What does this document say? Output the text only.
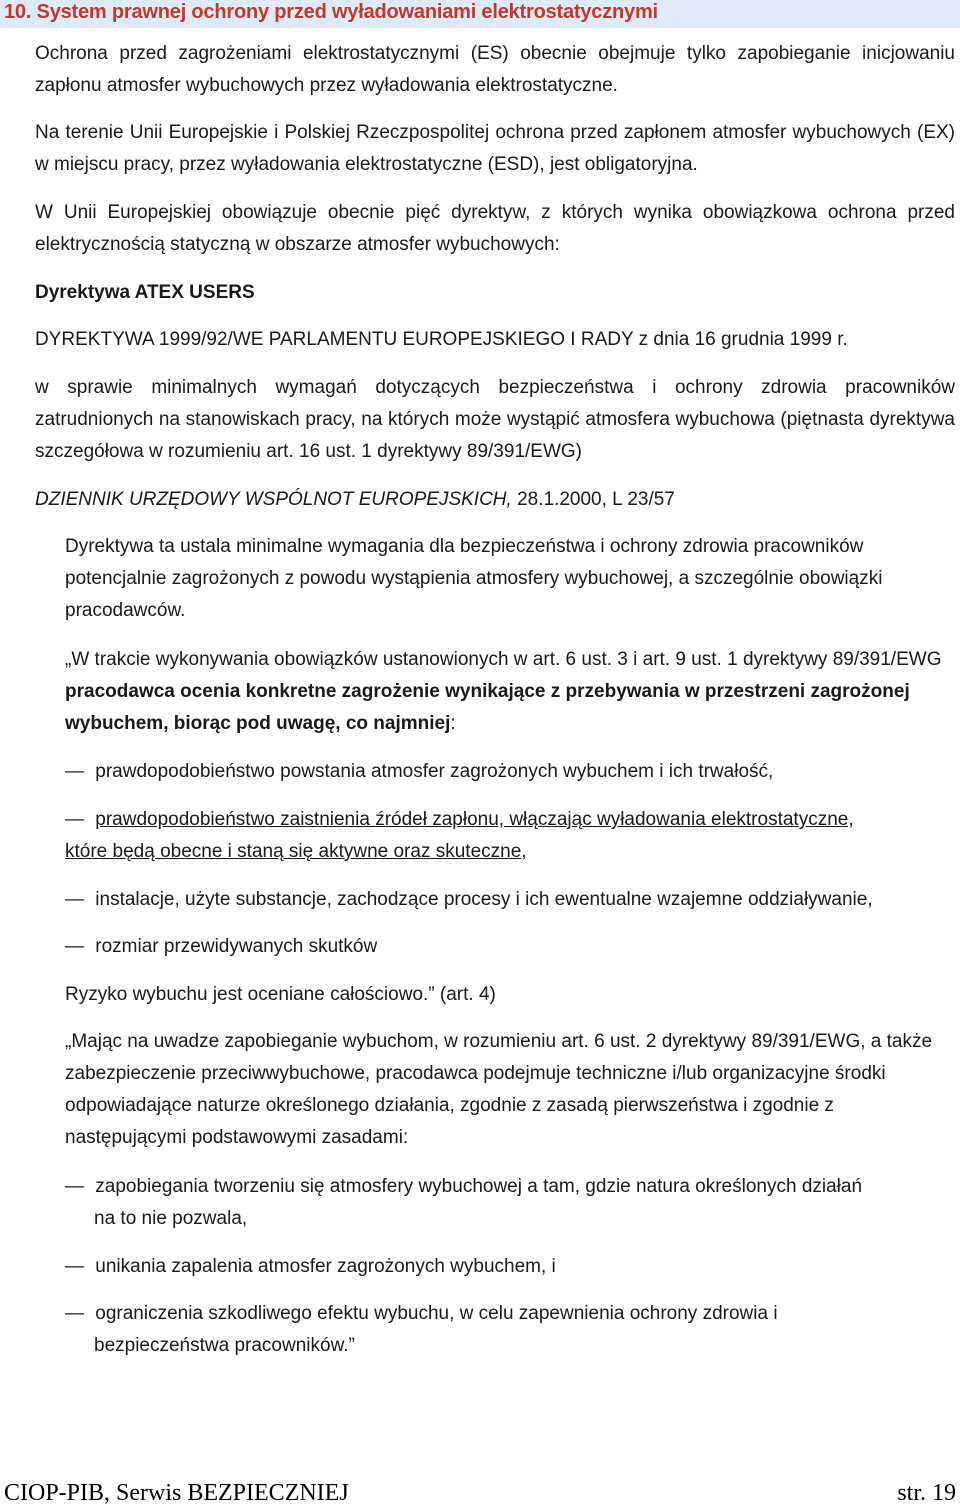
10. System prawnej ochrony przed wyładowaniami elektrostatycznymi

Ochrona przed zagrożeniami elektrostatycznymi (ES) obecnie obejmuje tylko zapobieganie inicjowaniu zapłonu atmosfer wybuchowych przez wyładowania elektrostatyczne.

Na terenie Unii Europejskie i Polskiej Rzeczpospolitej ochrona przed zapłonem atmosfer wybuchowych (EX) w miejscu pracy, przez wyładowania elektrostatyczne (ESD), jest obligatoryjna.

W Unii Europejskiej obowiązuje obecnie pięć dyrektyw, z których wynika obowiązkowa ochrona przed elektrycznością statyczną w obszarze atmosfer wybuchowych:

Dyrektywa ATEX USERS
DYREKTYWA 1999/92/WE PARLAMENTU EUROPEJSKIEGO I RADY z dnia 16 grudnia 1999 r.

w sprawie minimalnych wymagań dotyczących bezpieczeństwa i ochrony zdrowia pracowników zatrudnionych na stanowiskach pracy, na których może wystąpić atmosfera wybuchowa (piętnasta dyrektywa szczegółowa w rozumieniu art. 16 ust. 1 dyrektywy 89/391/EWG)

DZIENNIK URZĘDOWY WSPÓLNOT EUROPEJSKICH, 28.1.2000, L 23/57

Dyrektywa ta ustala minimalne wymagania dla bezpieczeństwa i ochrony zdrowia pracowników potencjalnie zagrożonych z powodu wystąpienia atmosfery wybuchowej, a szczególnie obowiązki pracodawców.

„W trakcie wykonywania obowiązków ustanowionych w art. 6 ust. 3 i art. 9 ust. 1 dyrektywy 89/391/EWG pracodawca ocenia konkretne zagrożenie wynikające z przebywania w przestrzeni zagrożonej wybuchem, biorąc pod uwagę, co najmniej:

— prawdopodobieństwo powstania atmosfer zagrożonych wybuchem i ich trwałość,
— prawdopodobieństwo zaistnienia źródeł zapłonu, włączając wyładowania elektrostatyczne,
które będą obecne i staną się aktywne oraz skuteczne,
— instalacje, użyte substancje, zachodzące procesy i ich ewentualne wzajemne oddziaływanie,
— rozmiar przewidywanych skutków
Ryzyko wybuchu jest oceniane całościowo.” (art. 4)

„Mając na uwadze zapobieganie wybuchom, w rozumieniu art. 6 ust. 2 dyrektywy 89/391/EWG, a także zabezpieczenie przeciwwybuchowe, pracodawca podejmuje techniczne i/lub organizacyjne środki odpowiadające naturze określonego działania, zgodnie z zasadą pierwszeństwa i zgodnie z następującymi podstawowymi zasadami:

— zapobiegania tworzeniu się atmosfery wybuchowej a tam, gdzie natura określonych działań
na to nie pozwala,
— unikania zapalenia atmosfer zagrożonych wybuchem, i
— ograniczenia szkodliwego efektu wybuchu, w celu zapewnienia ochrony zdrowia i
bezpieczeństwa pracowników.”
CIOP-PIB, Serwis BEZPIECZNIEJ	str. 19
